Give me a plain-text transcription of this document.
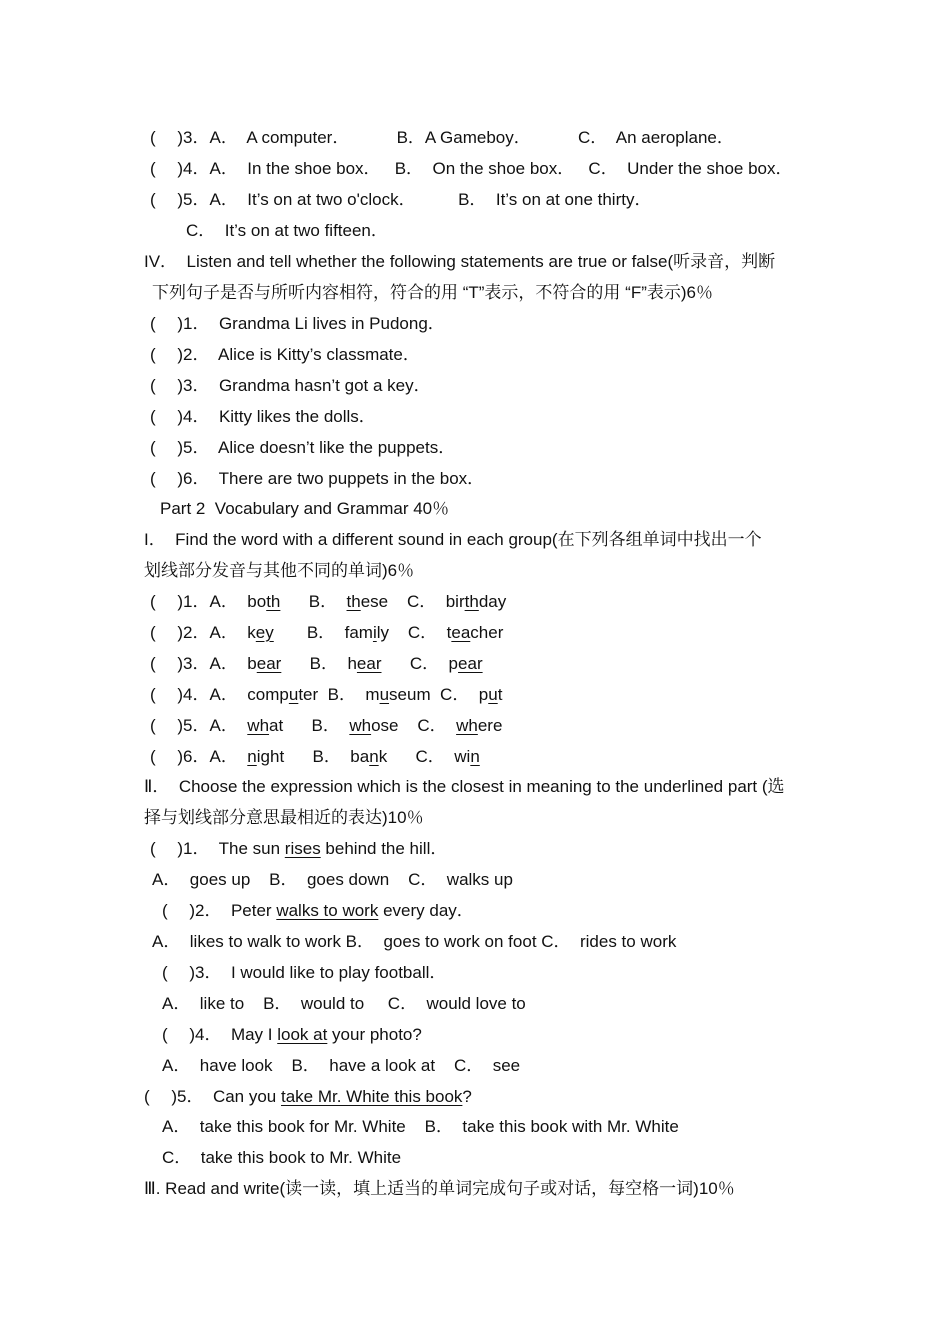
(　 )3．A．  A computer．          B．A Gameboy．          C．  An aeroplane．
(　 )4．A．  In the shoe box．   B．  On the shoe box．   C．  Under the shoe box．
(　 )5．A．  It’s on at two o'clock．         B．  It’s on at one thirty．
C．  It’s on at two fifteen．
IV．  Listen and tell whether the following statements are true or false(听录音，判断
下列句子是否与所听内容相符，符合的用 “T”表示，不符合的用 “F”表示)6％
(　 )1．  Grandma Li lives in Pudong．
(　 )2．  Alice is Kitty’s classmate．
(　 )3．  Grandma hasn’t got a key．
(　 )4．  Kitty likes the dolls．
(　 )5．  Alice doesn’t like the puppets．
(　 )6．  There are two puppets in the box．
Part 2  Vocabulary and Grammar 40％
I．  Find the word with a different sound in each group(在下列各组单词中找出一个
划线部分发音与其他不同的单词)6％
(　 )1．A．  both      B．  these    C．  birthday
(　 )2．A．  key       B．  family    C．  teacher
(　 )3．A．  bear      B．  hear      C．  pear
(　 )4．A．  computer  B．  museum  C．  put
(　 )5．A．  what      B．  whose    C．  where
(　 )6．A．  night      B．  bank      C．  win
Ⅱ．  Choose the expression which is the closest in meaning to the underlined part (选
择与划线部分意思最相近的表达)10％
(　 )1．  The sun rises behind the hill．
A．  goes up    B．  goes down    C．  walks up
(　 )2．  Peter walks to work every day．
A．  likes to walk to work B．  goes to work on foot C．  rides to work
(　 )3．  I would like to play football．
A．  like to    B．  would to     C．  would love to
(　 )4．  May I look at your photo?
A．  have look    B．  have a look at    C．  see
(　 )5．  Can you take Mr. White this book?
A．  take this book for Mr. White    B．  take this book with Mr. White
C．  take this book to Mr. White
Ⅲ. Read and write(读一读，填上适当的单词完成句子或对话，每空格一词)10％
